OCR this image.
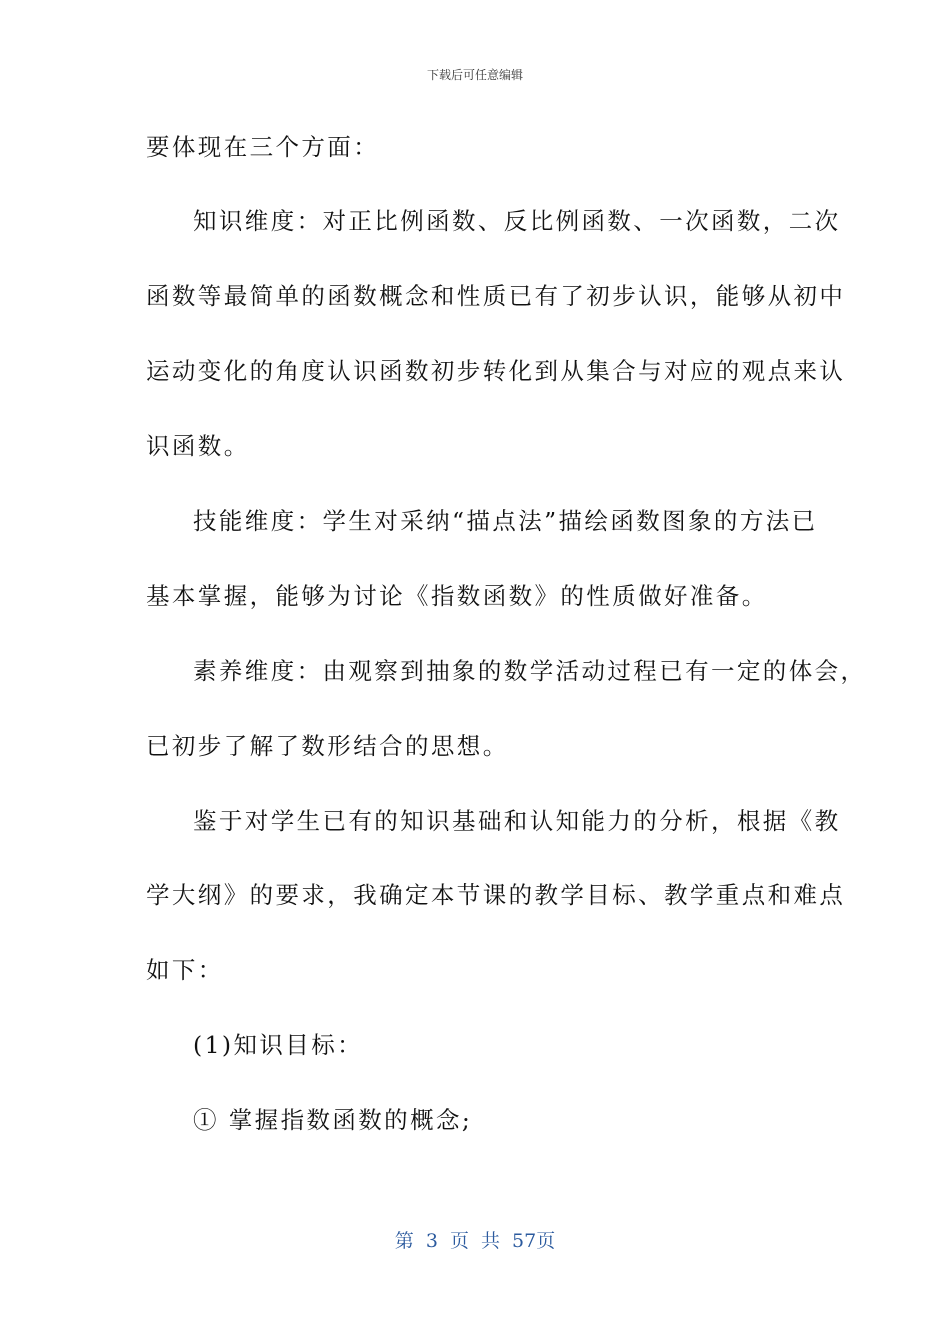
下载后可任意编辑
要体现在三个方面：
知识维度：对正比例函数、反比例函数、一次函数，二次
函数等最简单的函数概念和性质已有了初步认识，能够从初中
运动变化的角度认识函数初步转化到从集合与对应的观点来认
识函数。
技能维度：学生对采纳“描点法”描绘函数图象的方法已
基本掌握，能够为讨论《指数函数》的性质做好准备。
素养维度：由观察到抽象的数学活动过程已有一定的体会，
已初步了解了数形结合的思想。
鉴于对学生已有的知识基础和认知能力的分析，根据《教
学大纲》的要求，我确定本节课的教学目标、教学重点和难点
如下：
(1)知识目标：
① 掌握指数函数的概念;
第 3 页 共 57页
